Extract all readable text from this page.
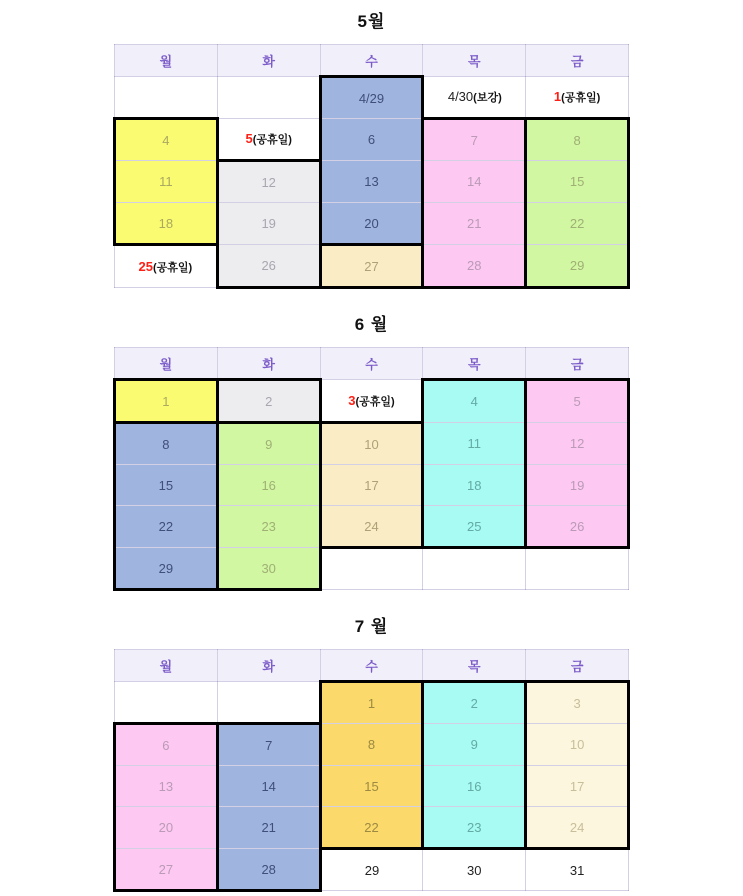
5월
월	화	수	목	금
		4/29	4/30(보강)	1(공휴일)
4	5(공휴일)	6	7	8
11	12	13	14	15
18	19	20	21	22
25(공휴일)	26	27	28	29
6 월
월	화	수	목	금
1	2	3(공휴일)	4	5
8	9	10	11	12
15	16	17	18	19
22	23	24	25	26
29	30			
7 월
월	화	수	목	금
		1	2	3
6	7	8	9	10
13	14	15	16	17
20	21	22	23	24
27	28	29	30	31
